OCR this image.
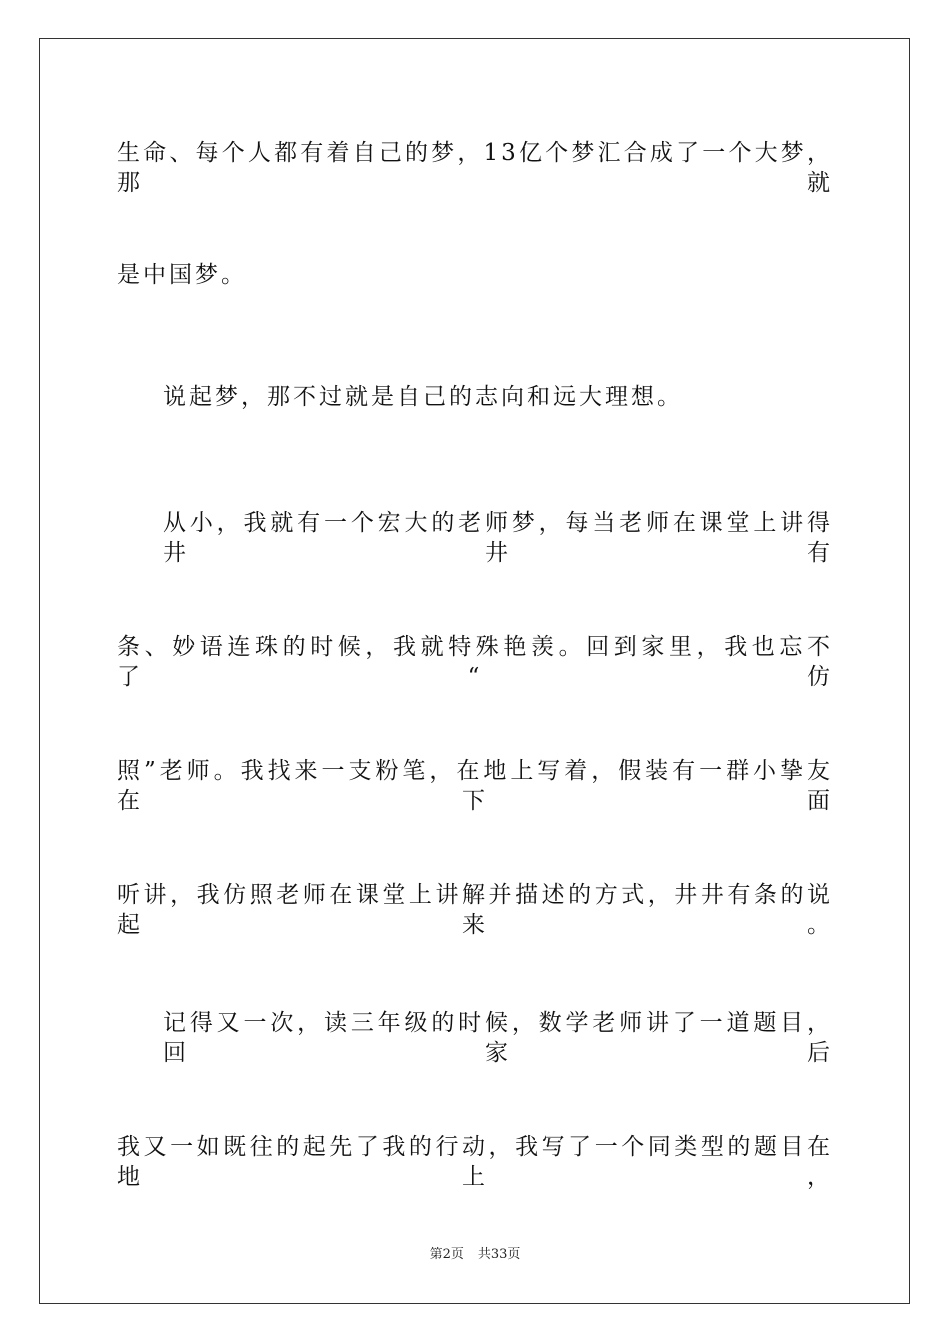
生命、每个人都有着自己的梦，13亿个梦汇合成了一个大梦，那就
是中国梦。
说起梦，那不过就是自己的志向和远大理想。
从小，我就有一个宏大的老师梦，每当老师在课堂上讲得井井有
条、妙语连珠的时候，我就特殊艳羡。回到家里，我也忘不了“仿
照”老师。我找来一支粉笔，在地上写着，假装有一群小挚友在下面
听讲，我仿照老师在课堂上讲解并描述的方式，井井有条的说起来。
记得又一次，读三年级的时候，数学老师讲了一道题目，回家后
我又一如既往的起先了我的行动，我写了一个同类型的题目在地上，
第2页 共33页
